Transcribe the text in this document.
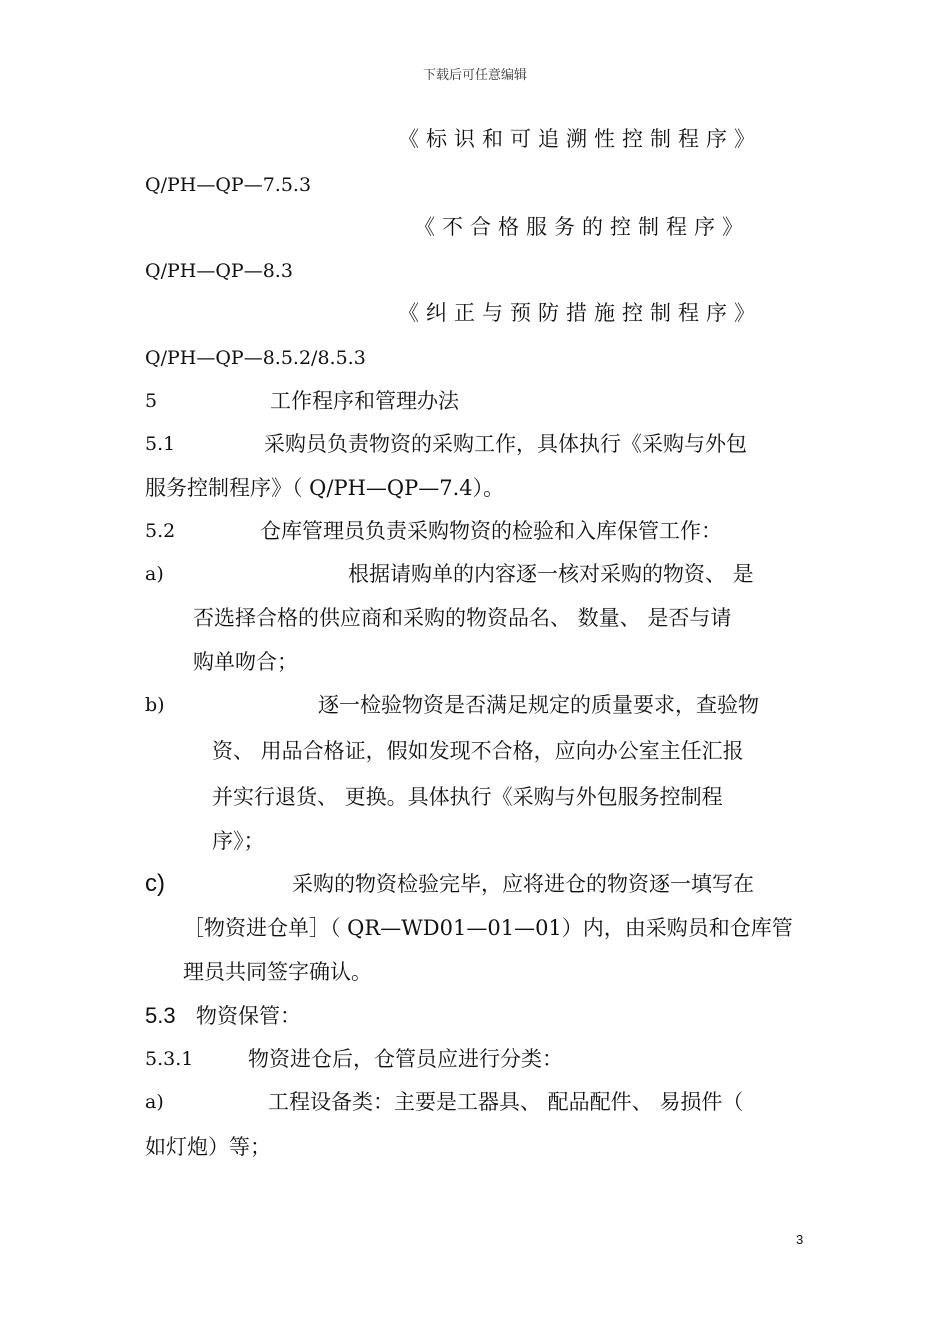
下载后可任意编辑
《标识和可追溯性控制程序》
Q/PH—QP—7.5.3
《不合格服务的控制程序》
Q/PH—QP—8.3
《纠正与预防措施控制程序》
Q/PH—QP—8.5.2/8.5.3
5	工作程序和管理办法
5.1	采购员负责物资的采购工作，具体执行《采购与外包
服务控制程序》（ Q/PH—QP—7.4）。
5.2	仓库管理员负责采购物资的检验和入库保管工作：
a)	根据请购单的内容逐一核对采购的物资、 是
否选择合格的供应商和采购的物资品名、 数量、 是否与请
购单吻合；
b)	逐一检验物资是否满足规定的质量要求，查验物
资、 用品合格证，假如发现不合格，应向办公室主任汇报
并实行退货、 更换。具体执行《采购与外包服务控制程
序》；
c)	采购的物资检验完毕，应将进仓的物资逐一填写在
［物资进仓单］（ QR—WD01—01—01）内，由采购员和仓库管
理员共同签字确认。
5.3 物资保管：
5.3.1	物资进仓后，仓管员应进行分类：
a)	工程设备类：主要是工器具、 配品配件、 易损件（
如灯炮）等；
3
